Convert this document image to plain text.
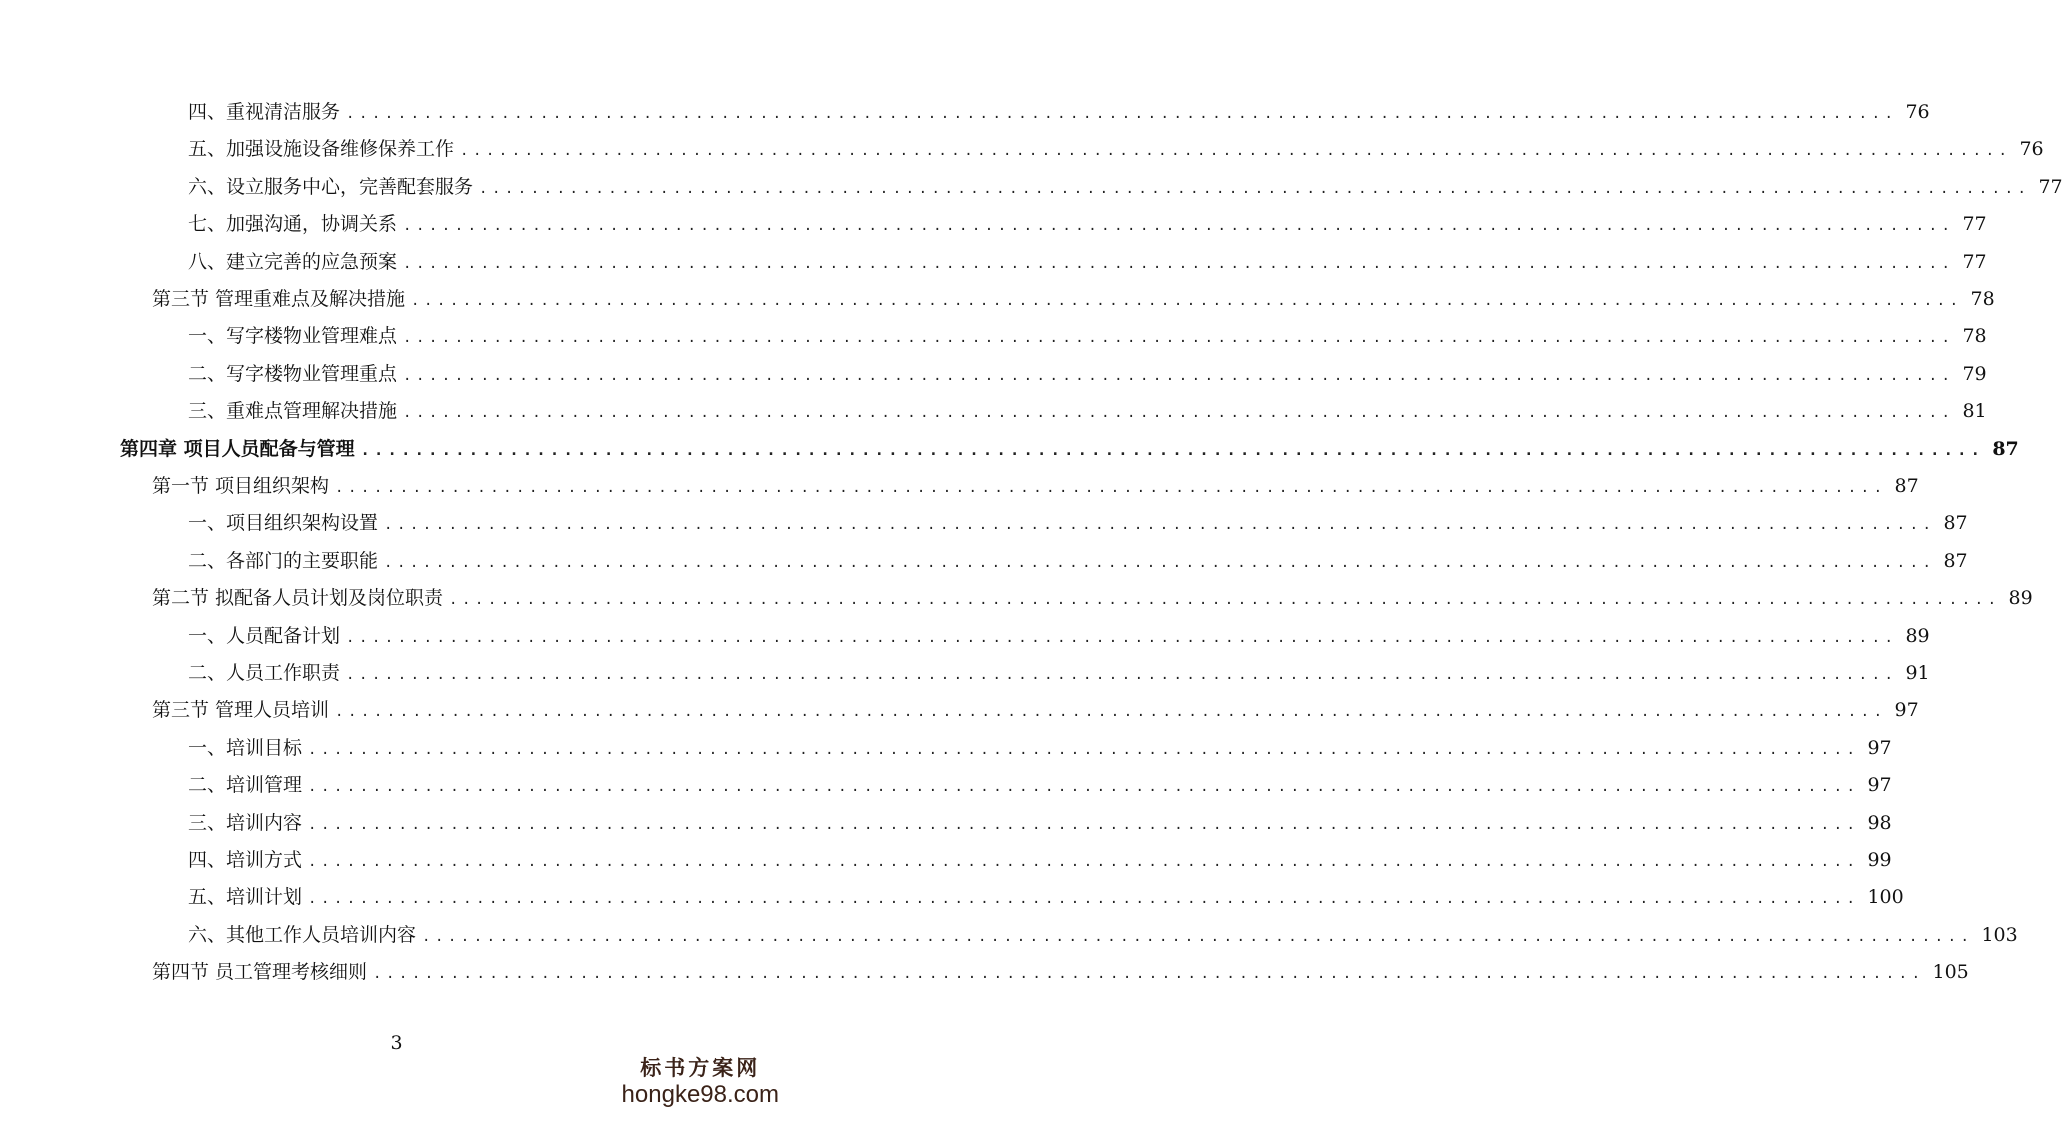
四、重视清洁服务 ........................................................................................................................ 76
五、加强设施设备维修保养工作 ........................................................................................................................ 76
六、设立服务中心，完善配套服务 ........................................................................................................................ 77
七、加强沟通，协调关系 ........................................................................................................................ 77
八、建立完善的应急预案 ........................................................................................................................ 77
第三节 管理重难点及解决措施 ........................................................................................................................ 78
一、写字楼物业管理难点 ........................................................................................................................ 78
二、写字楼物业管理重点 ........................................................................................................................ 79
三、重难点管理解决措施 ........................................................................................................................ 81
第四章 项目人员配备与管理 ........................................................................................................................ 87
第一节 项目组织架构 ........................................................................................................................ 87
一、项目组织架构设置 ........................................................................................................................ 87
二、各部门的主要职能 ........................................................................................................................ 87
第二节 拟配备人员计划及岗位职责 ........................................................................................................................ 89
一、人员配备计划 ........................................................................................................................ 89
二、人员工作职责 ........................................................................................................................ 91
第三节 管理人员培训 ........................................................................................................................ 97
一、培训目标 ........................................................................................................................ 97
二、培训管理 ........................................................................................................................ 97
三、培训内容 ........................................................................................................................ 98
四、培训方式 ........................................................................................................................ 99
五、培训计划 ........................................................................................................................ 100
六、其他工作人员培训内容 ........................................................................................................................ 103
第四节 员工管理考核细则 ........................................................................................................................ 105
3
标书方案网
hongke98.com
